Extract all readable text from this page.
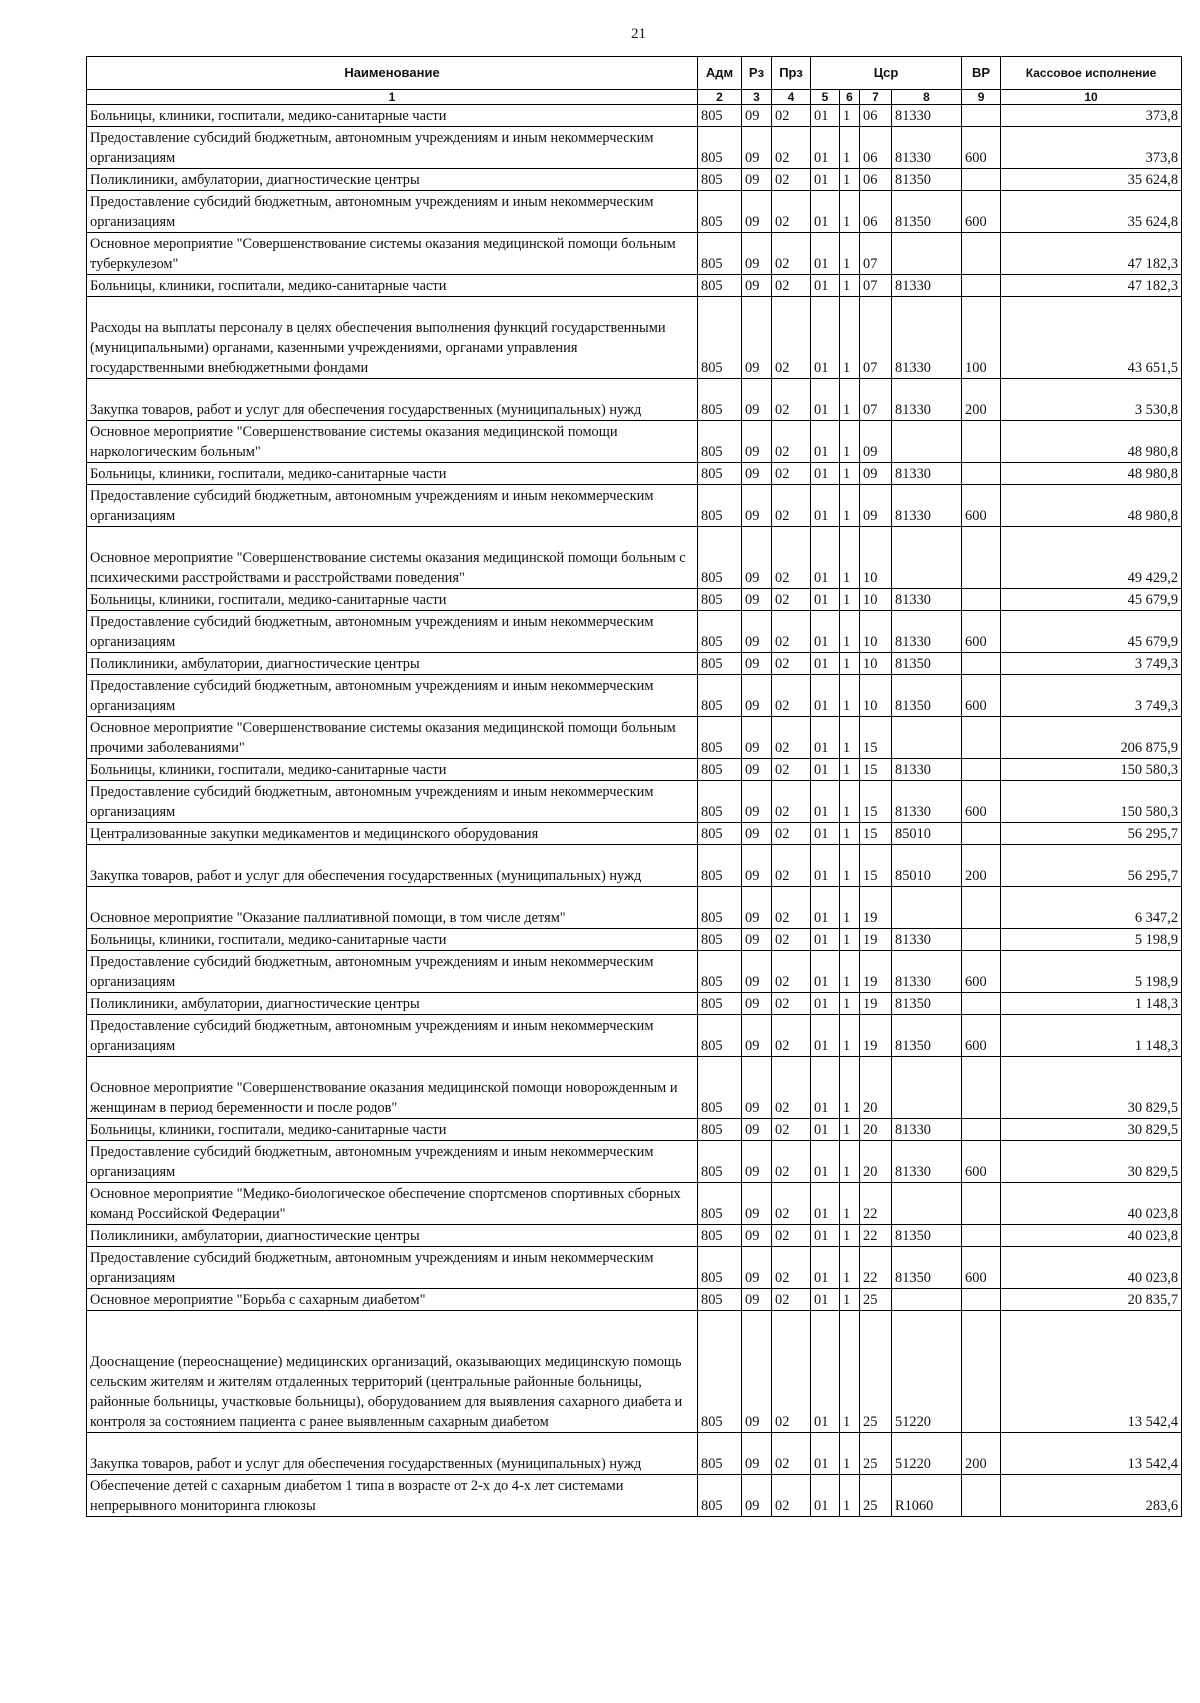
21
Наименование	Адм	Рз	Прз	Цср				ВР	Кассовое исполнение
1	2	3	4	5	6	7	8	9	10
Больницы, клиники, госпитали, медико-санитарные части	805	09	02	01	1	06	81330		373,8
Предоставление субсидий бюджетным, автономным учреждениям и иным некоммерческим организациям	805	09	02	01	1	06	81330	600	373,8
Поликлиники, амбулатории, диагностические центры	805	09	02	01	1	06	81350		35 624,8
Предоставление субсидий бюджетным, автономным учреждениям и иным некоммерческим организациям	805	09	02	01	1	06	81350	600	35 624,8
Основное мероприятие "Совершенствование системы оказания медицинской помощи больным туберкулезом"	805	09	02	01	1	07			47 182,3
Больницы, клиники, госпитали, медико-санитарные части	805	09	02	01	1	07	81330		47 182,3
Расходы на выплаты персоналу в целях обеспечения выполнения функций государственными (муниципальными) органами, казенными учреждениями, органами управления государственными внебюджетными фондами	805	09	02	01	1	07	81330	100	43 651,5
Закупка товаров, работ и услуг для обеспечения государственных (муниципальных) нужд	805	09	02	01	1	07	81330	200	3 530,8
Основное мероприятие "Совершенствование системы оказания медицинской помощи наркологическим больным"	805	09	02	01	1	09			48 980,8
Больницы, клиники, госпитали, медико-санитарные части	805	09	02	01	1	09	81330		48 980,8
Предоставление субсидий бюджетным, автономным учреждениям и иным некоммерческим организациям	805	09	02	01	1	09	81330	600	48 980,8
Основное мероприятие "Совершенствование системы оказания медицинской помощи больным с психическими расстройствами и расстройствами поведения"	805	09	02	01	1	10			49 429,2
Больницы, клиники, госпитали, медико-санитарные части	805	09	02	01	1	10	81330		45 679,9
Предоставление субсидий бюджетным, автономным учреждениям и иным некоммерческим организациям	805	09	02	01	1	10	81330	600	45 679,9
Поликлиники, амбулатории, диагностические центры	805	09	02	01	1	10	81350		3 749,3
Предоставление субсидий бюджетным, автономным учреждениям и иным некоммерческим организациям	805	09	02	01	1	10	81350	600	3 749,3
Основное мероприятие "Совершенствование системы оказания медицинской помощи больным прочими заболеваниями"	805	09	02	01	1	15			206 875,9
Больницы, клиники, госпитали, медико-санитарные части	805	09	02	01	1	15	81330		150 580,3
Предоставление субсидий бюджетным, автономным учреждениям и иным некоммерческим организациям	805	09	02	01	1	15	81330	600	150 580,3
Централизованные закупки медикаментов и медицинского оборудования	805	09	02	01	1	15	85010		56 295,7
Закупка товаров, работ и услуг для обеспечения государственных (муниципальных) нужд	805	09	02	01	1	15	85010	200	56 295,7
Основное мероприятие "Оказание паллиативной помощи, в том числе детям"	805	09	02	01	1	19			6 347,2
Больницы, клиники, госпитали, медико-санитарные части	805	09	02	01	1	19	81330		5 198,9
Предоставление субсидий бюджетным, автономным учреждениям и иным некоммерческим организациям	805	09	02	01	1	19	81330	600	5 198,9
Поликлиники, амбулатории, диагностические центры	805	09	02	01	1	19	81350		1 148,3
Предоставление субсидий бюджетным, автономным учреждениям и иным некоммерческим организациям	805	09	02	01	1	19	81350	600	1 148,3
Основное мероприятие "Совершенствование оказания медицинской помощи новорожденным и женщинам в период беременности и после родов"	805	09	02	01	1	20			30 829,5
Больницы, клиники, госпитали, медико-санитарные части	805	09	02	01	1	20	81330		30 829,5
Предоставление субсидий бюджетным, автономным учреждениям и иным некоммерческим организациям	805	09	02	01	1	20	81330	600	30 829,5
Основное мероприятие "Медико-биологическое обеспечение спортсменов спортивных сборных команд Российской Федерации"	805	09	02	01	1	22			40 023,8
Поликлиники, амбулатории, диагностические центры	805	09	02	01	1	22	81350		40 023,8
Предоставление субсидий бюджетным, автономным учреждениям и иным некоммерческим организациям	805	09	02	01	1	22	81350	600	40 023,8
Основное мероприятие "Борьба с сахарным диабетом"	805	09	02	01	1	25			20 835,7
Дооснащение (переоснащение) медицинских организаций, оказывающих медицинскую помощь сельским жителям и жителям отдаленных территорий (центральные районные больницы, районные больницы, участковые больницы), оборудованием для выявления сахарного диабета и контроля за состоянием пациента с ранее выявленным сахарным диабетом	805	09	02	01	1	25	51220		13 542,4
Закупка товаров, работ и услуг для обеспечения государственных (муниципальных) нужд	805	09	02	01	1	25	51220	200	13 542,4
Обеспечение детей с сахарным диабетом 1 типа в возрасте от 2-х до 4-х лет системами непрерывного мониторинга глюкозы	805	09	02	01	1	25	R1060		283,6
